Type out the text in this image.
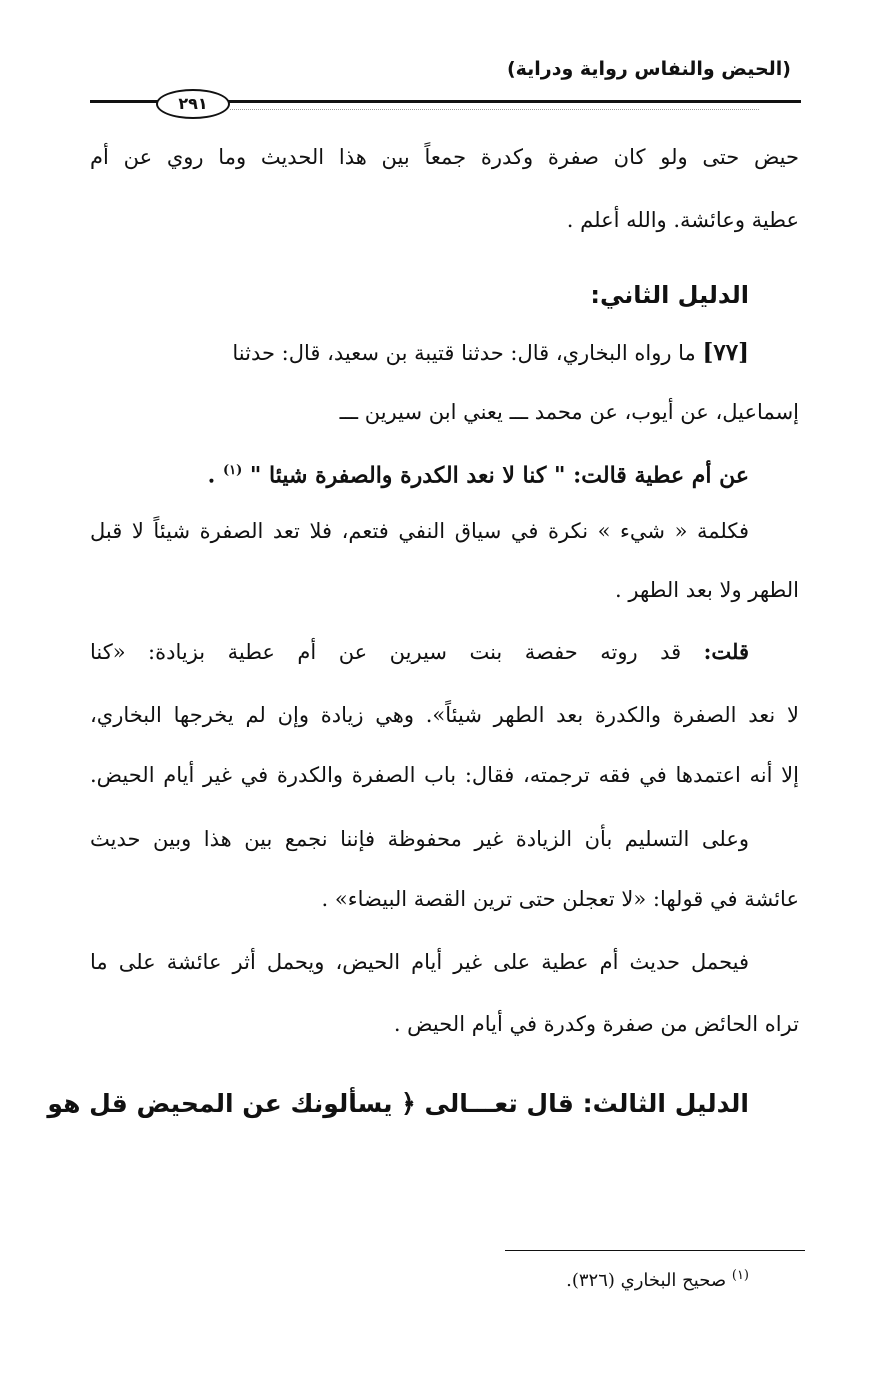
(الحيض والنفاس رواية ودراية)
٢٩١
حيض حتى ولو كان صفرة وكدرة جمعاً بين هذا الحديث وما روي عن أم
عطية وعائشة. والله أعلم .
الدليل الثاني:
[٧٧] ما رواه البخاري، قال: حدثنا قتيبة بن سعيد، قال: حدثنا
إسماعيل، عن أيوب، عن محمد ـــ يعني ابن سيرين ـــ
عن أم عطية قالت: " كنا لا نعد الكدرة والصفرة شيئا " $^{(١)}$ .
فكلمة « شيء » نكرة في سياق النفي فتعم، فلا تعد الصفرة شيئاً لا قبل
الطهر ولا بعد الطهر .
قلت: قد روته حفصة بنت سيرين عن أم عطية بزيادة: «كنا
لا نعد الصفرة والكدرة بعد الطهر شيئاً». وهي زيادة وإن لم يخرجها البخاري،
إلا أنه اعتمدها في فقه ترجمته، فقال: باب الصفرة والكدرة في غير أيام الحيض.
وعلى التسليم بأن الزيادة غير محفوظة فإننا نجمع بين هذا وبين حديث
عائشة في قولها: «لا تعجلن حتى ترين القصة البيضاء» .
فيحمل حديث أم عطية على غير أيام الحيض، ويحمل أثر عائشة على ما
تراه الحائض من صفرة وكدرة في أيام الحيض .
الدليل الثالث: قال تعـــالى ﴿ يسألونك عن المحيض قل هو
$^{(١)}$ صحيح البخاري (٣٢٦).
